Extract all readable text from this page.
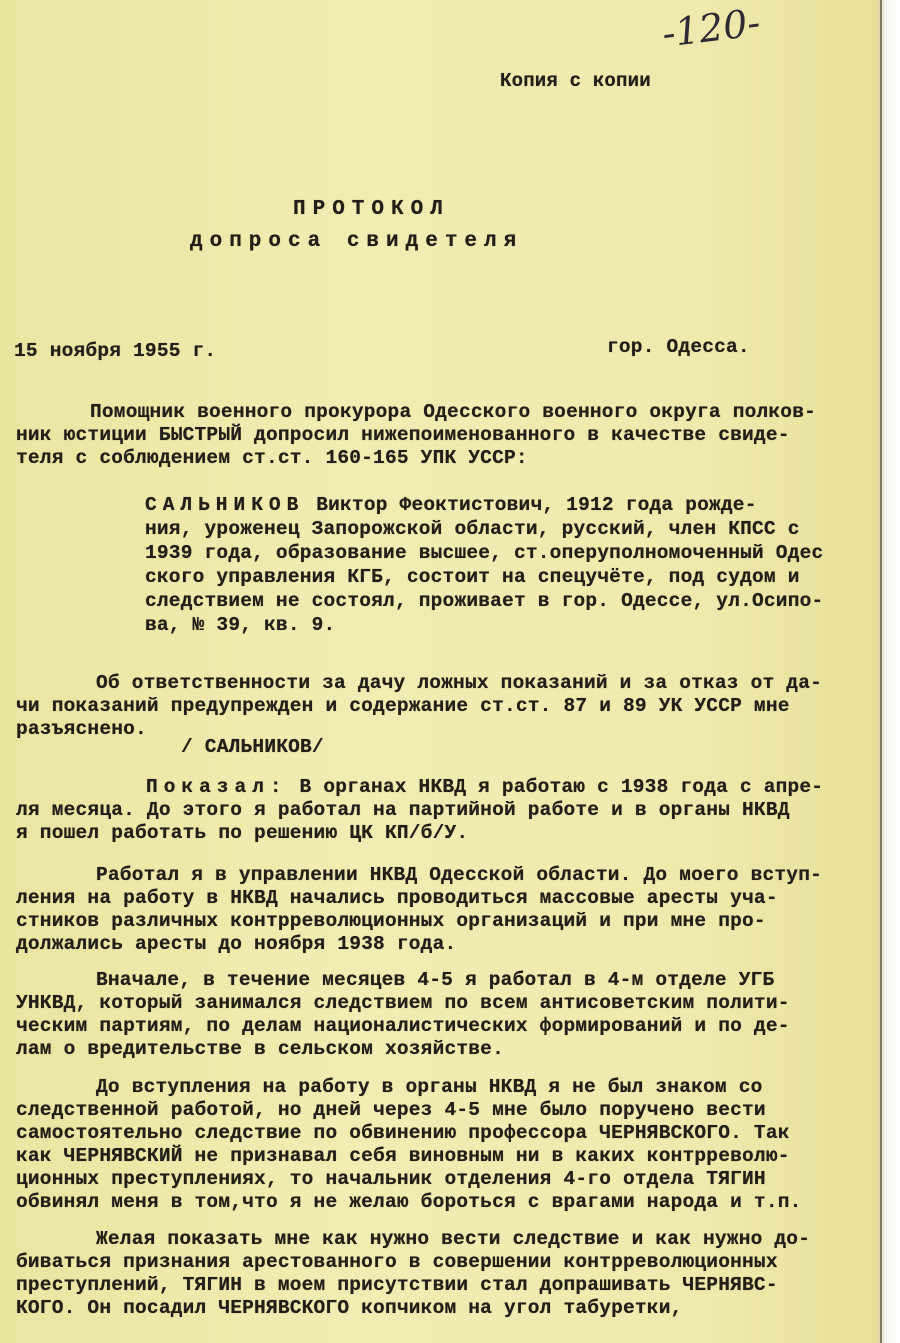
-120-
Копия с копии
ПРОТОКОЛ
допроса свидетеля
15 ноября 1955 г.	гор. Одесса.
Помощник военного прокурора Одесского военного округа полков-
ник юстиции БЫСТРЫЙ допросил нижепоименованного в качестве свиде-
теля с соблюдением ст.ст. 160-165 УПК УССР:
САЛЬНИКОВ Виктор Феоктистович, 1912 года рожде-
ния, уроженец Запорожской области, русский, член КПСС с
1939 года, образование высшее, ст.оперуполномоченный Одес
ского управления КГБ, состоит на спецучёте, под судом и
следствием не состоял, проживает в гор. Одессе, ул.Осипо-
ва, № 39, кв. 9.
Об ответственности за дачу ложных показаний и за отказ от да-
чи показаний предупрежден и содержание ст.ст. 87 и 89 УК УССР мне
разъяснено.
/ САЛЬНИКОВ/
Показал: В органах НКВД я работаю с 1938 года с апре-
ля месяца. До этого я работал на партийной работе и в органы НКВД
я пошел работать по решению ЦК КП/б/У.
Работал я в управлении НКВД Одесской области. До моего вступ-
ления на работу в НКВД начались проводиться массовые аресты уча-
стников различных контрреволюционных организаций и при мне про-
должались аресты до ноября 1938 года.
Вначале, в течение месяцев 4-5 я работал в 4-м отделе УГБ
УНКВД, который занимался следствием по всем антисоветским полити-
ческим партиям, по делам националистических формирований и по де-
лам о вредительстве в сельском хозяйстве.
До вступления на работу в органы НКВД я не был знаком со
следственной работой, но дней через 4-5 мне было поручено вести
самостоятельно следствие по обвинению профессора ЧЕРНЯВСКОГО. Так
как ЧЕРНЯВСКИЙ не признавал себя виновным ни в каких контрреволю-
ционных преступлениях, то начальник отделения 4-го отдела ТЯГИН
обвинял меня в том,что я не желаю бороться с врагами народа и т.п.
Желая показать мне как нужно вести следствие и как нужно до-
биваться признания арестованного в совершении контрреволюционных
преступлений, ТЯГИН в моем присутствии стал допрашивать ЧЕРНЯВС-
КОГО. Он посадил ЧЕРНЯВСКОГО копчиком на угол табуретки,
